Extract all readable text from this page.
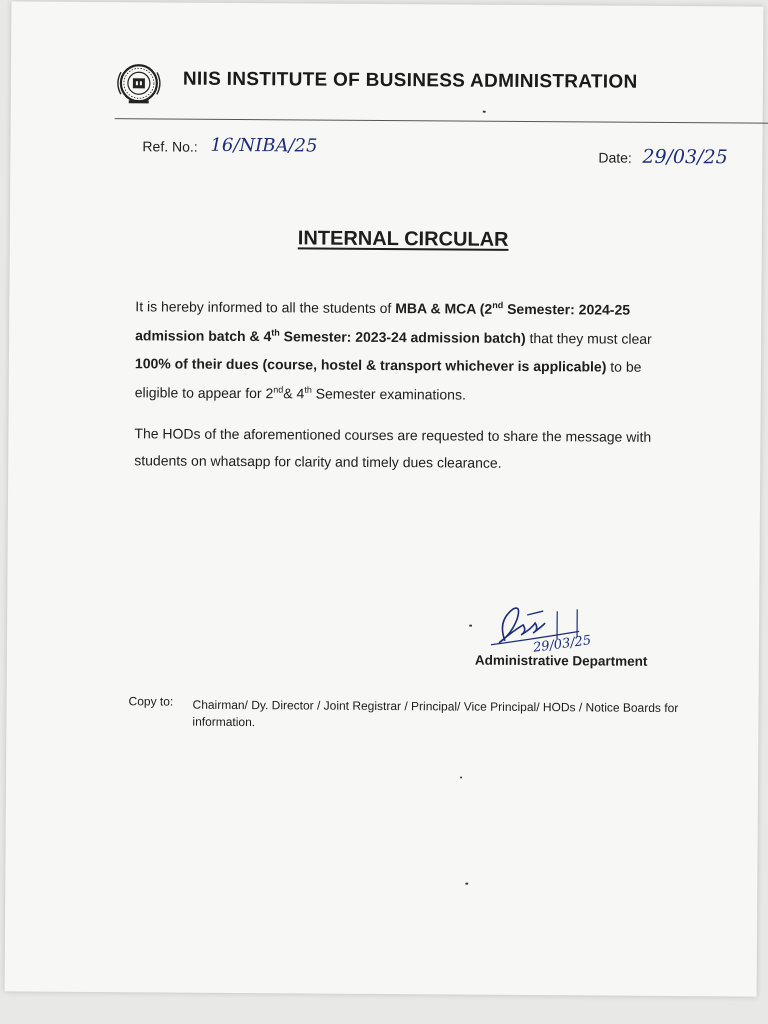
NIIS INSTITUTE OF BUSINESS ADMINISTRATION
Ref. No.: 16/NIBA/25
Date: 29/03/25
INTERNAL CIRCULAR
It is hereby informed to all the students of MBA & MCA (2nd Semester: 2024-25 admission batch & 4th Semester: 2023-24 admission batch) that they must clear 100% of their dues (course, hostel & transport whichever is applicable) to be eligible to appear for 2nd& 4th Semester examinations.
The HODs of the aforementioned courses are requested to share the message with students on whatsapp for clarity and timely dues clearance.
29/03/25
Administrative Department
Copy to: Chairman/ Dy. Director / Joint Registrar / Principal/ Vice Principal/ HODs / Notice Boards for information.
